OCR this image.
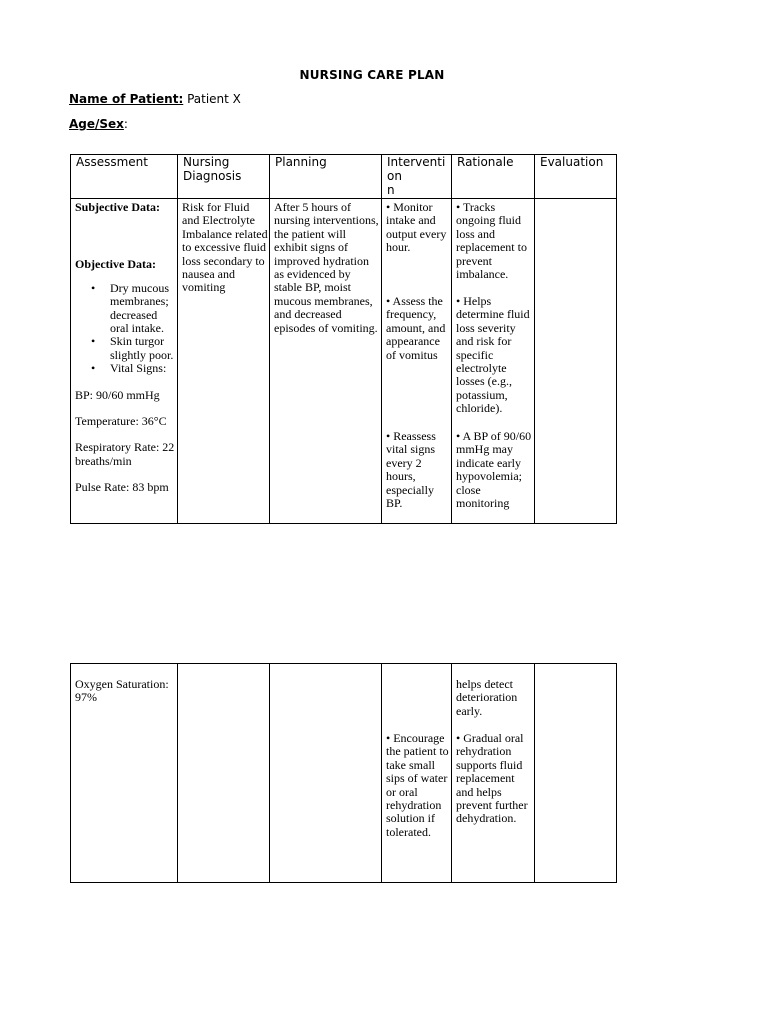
NURSING CARE PLAN
Name of Patient: Patient X
Age/Sex:
Assessment	Nursing
Diagnosis
Planning	Interventi
on
n
Rationale Evaluation

Subjective Data:

Objective Data:

• Dry mucous membranes; decreased oral intake.
• Skin turgor slightly poor.
• Vital Signs:

BP: 90/60 mmHg

Temperature: 36°C

Respiratory Rate: 22 breaths/min

Pulse Rate: 83 bpm

Risk for Fluid and Electrolyte Imbalance related to excessive fluid loss secondary to nausea and vomiting
After 5 hours of nursing interventions, the patient will exhibit signs of improved hydration as evidenced by stable BP, moist mucous membranes, and decreased episodes of vomiting.
• Monitor intake and output every hour.
• Assess the frequency, amount, and appearance of vomitus
• Reassess vital signs every 2 hours, especially BP.
• Tracks ongoing fluid loss and replacement to prevent imbalance.
• Helps determine fluid loss severity and risk for specific electrolyte losses (e.g., potassium, chloride).
• A BP of 90/60 mmHg may indicate early hypovolemia; close monitoring
Oxygen Saturation: 97%
helps detect deterioration early.
• Encourage the patient to take small sips of water or oral rehydration solution if tolerated.
• Gradual oral rehydration supports fluid replacement and helps prevent further dehydration.
